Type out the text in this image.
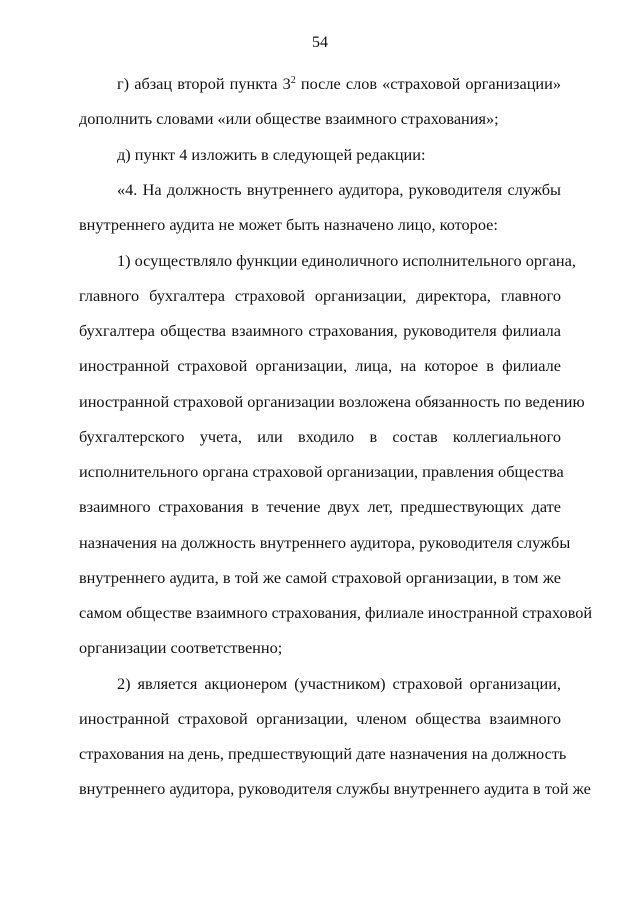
54
г) абзац второй пункта $3^2$ после слов «страховой организации»
дополнить словами «или обществе взаимного страхования»;
д) пункт 4 изложить в следующей редакции:
«4. На должность внутреннего аудитора, руководителя службы
внутреннего аудита не может быть назначено лицо, которое:
1) осуществляло функции единоличного исполнительного органа,
главного бухгалтера страховой организации, директора, главного
бухгалтера общества взаимного страхования, руководителя филиала
иностранной страховой организации, лица, на которое в филиале
иностранной страховой организации возложена обязанность по ведению
бухгалтерского учета, или входило в состав коллегиального
исполнительного органа страховой организации, правления общества
взаимного страхования в течение двух лет, предшествующих дате
назначения на должность внутреннего аудитора, руководителя службы
внутреннего аудита, в той же самой страховой организации, в том же
самом обществе взаимного страхования, филиале иностранной страховой
организации соответственно;
2) является акционером (участником) страховой организации,
иностранной страховой организации, членом общества взаимного
страхования на день, предшествующий дате назначения на должность
внутреннего аудитора, руководителя службы внутреннего аудита в той же
